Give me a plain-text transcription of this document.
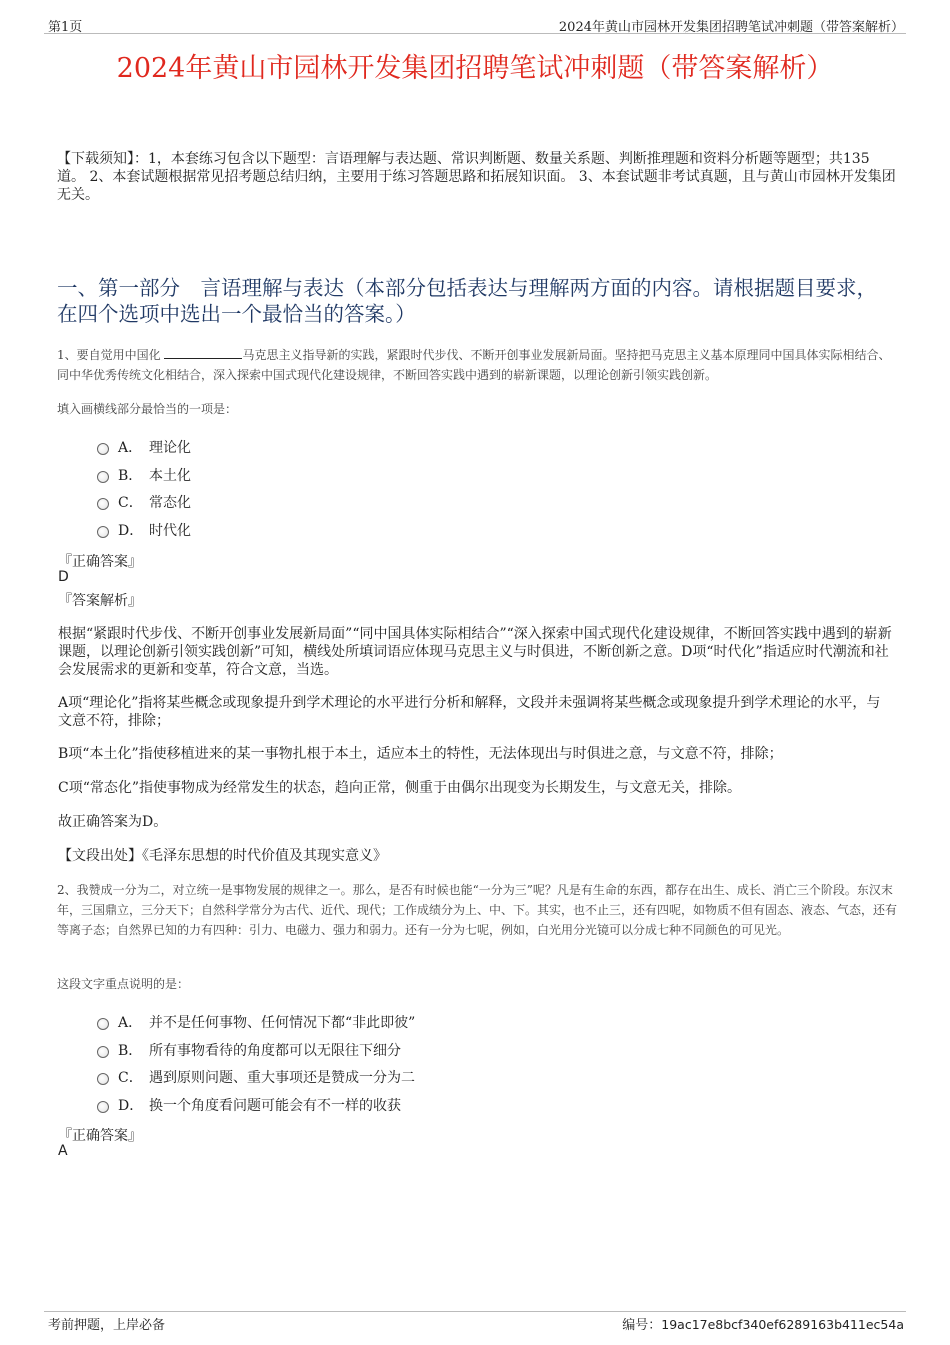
第1页	2024年黄山市园林开发集团招聘笔试冲刺题（带答案解析）
2024年黄山市园林开发集团招聘笔试冲刺题（带答案解析）
【下载须知】：1，本套练习包含以下题型：言语理解与表达题、常识判断题、数量关系题、判断推理题和资料分析题等题型；共135道。 2、本套试题根据常见招考题总结归纳，主要用于练习答题思路和拓展知识面。 3、本套试题非考试真题，且与黄山市园林开发集团无关。
一、第一部分　言语理解与表达（本部分包括表达与理解两方面的内容。请根据题目要求，在四个选项中选出一个最恰当的答案。）
1、要自觉用中国化	马克思主义指导新的实践，紧跟时代步伐、不断开创事业发展新局面。坚持把马克思主义基本原理同中国具体实际相结合、同中华优秀传统文化相结合，深入探索中国式现代化建设规律，不断回答实践中遇到的崭新课题，以理论创新引领实践创新。
填入画横线部分最恰当的一项是：
A． 理论化
B． 本土化
C． 常态化
D． 时代化
『正确答案』
D
『答案解析』
根据“紧跟时代步伐、不断开创事业发展新局面”“同中国具体实际相结合”“深入探索中国式现代化建设规律，不断回答实践中遇到的崭新课题，以理论创新引领实践创新”可知，横线处所填词语应体现马克思主义与时俱进，不断创新之意。D项“时代化”指适应时代潮流和社会发展需求的更新和变革，符合文意，当选。
A项“理论化”指将某些概念或现象提升到学术理论的水平进行分析和解释，文段并未强调将某些概念或现象提升到学术理论的水平，与文意不符，排除；
B项“本土化”指使移植进来的某一事物扎根于本土，适应本土的特性，无法体现出与时俱进之意，与文意不符，排除；
C项“常态化”指使事物成为经常发生的状态，趋向正常，侧重于由偶尔出现变为长期发生，与文意无关，排除。
故正确答案为D。
【文段出处】《毛泽东思想的时代价值及其现实意义》
2、我赞成一分为二，对立统一是事物发展的规律之一。那么，是否有时候也能“一分为三”呢？凡是有生命的东西，都存在出生、成长、消亡三个阶段。东汉末年，三国鼎立，三分天下；自然科学常分为古代、近代、现代；工作成绩分为上、中、下。其实，也不止三，还有四呢，如物质不但有固态、液态、气态，还有等离子态；自然界已知的力有四种：引力、电磁力、强力和弱力。还有一分为七呢，例如，白光用分光镜可以分成七种不同颜色的可见光。
这段文字重点说明的是：
A． 并不是任何事物、任何情况下都“非此即彼”
B． 所有事物看待的角度都可以无限往下细分
C． 遇到原则问题、重大事项还是赞成一分为二
D． 换一个角度看问题可能会有不一样的收获
『正确答案』
A
考前押题，上岸必备	编号：19ac17e8bcf340ef6289163b411ec54a
